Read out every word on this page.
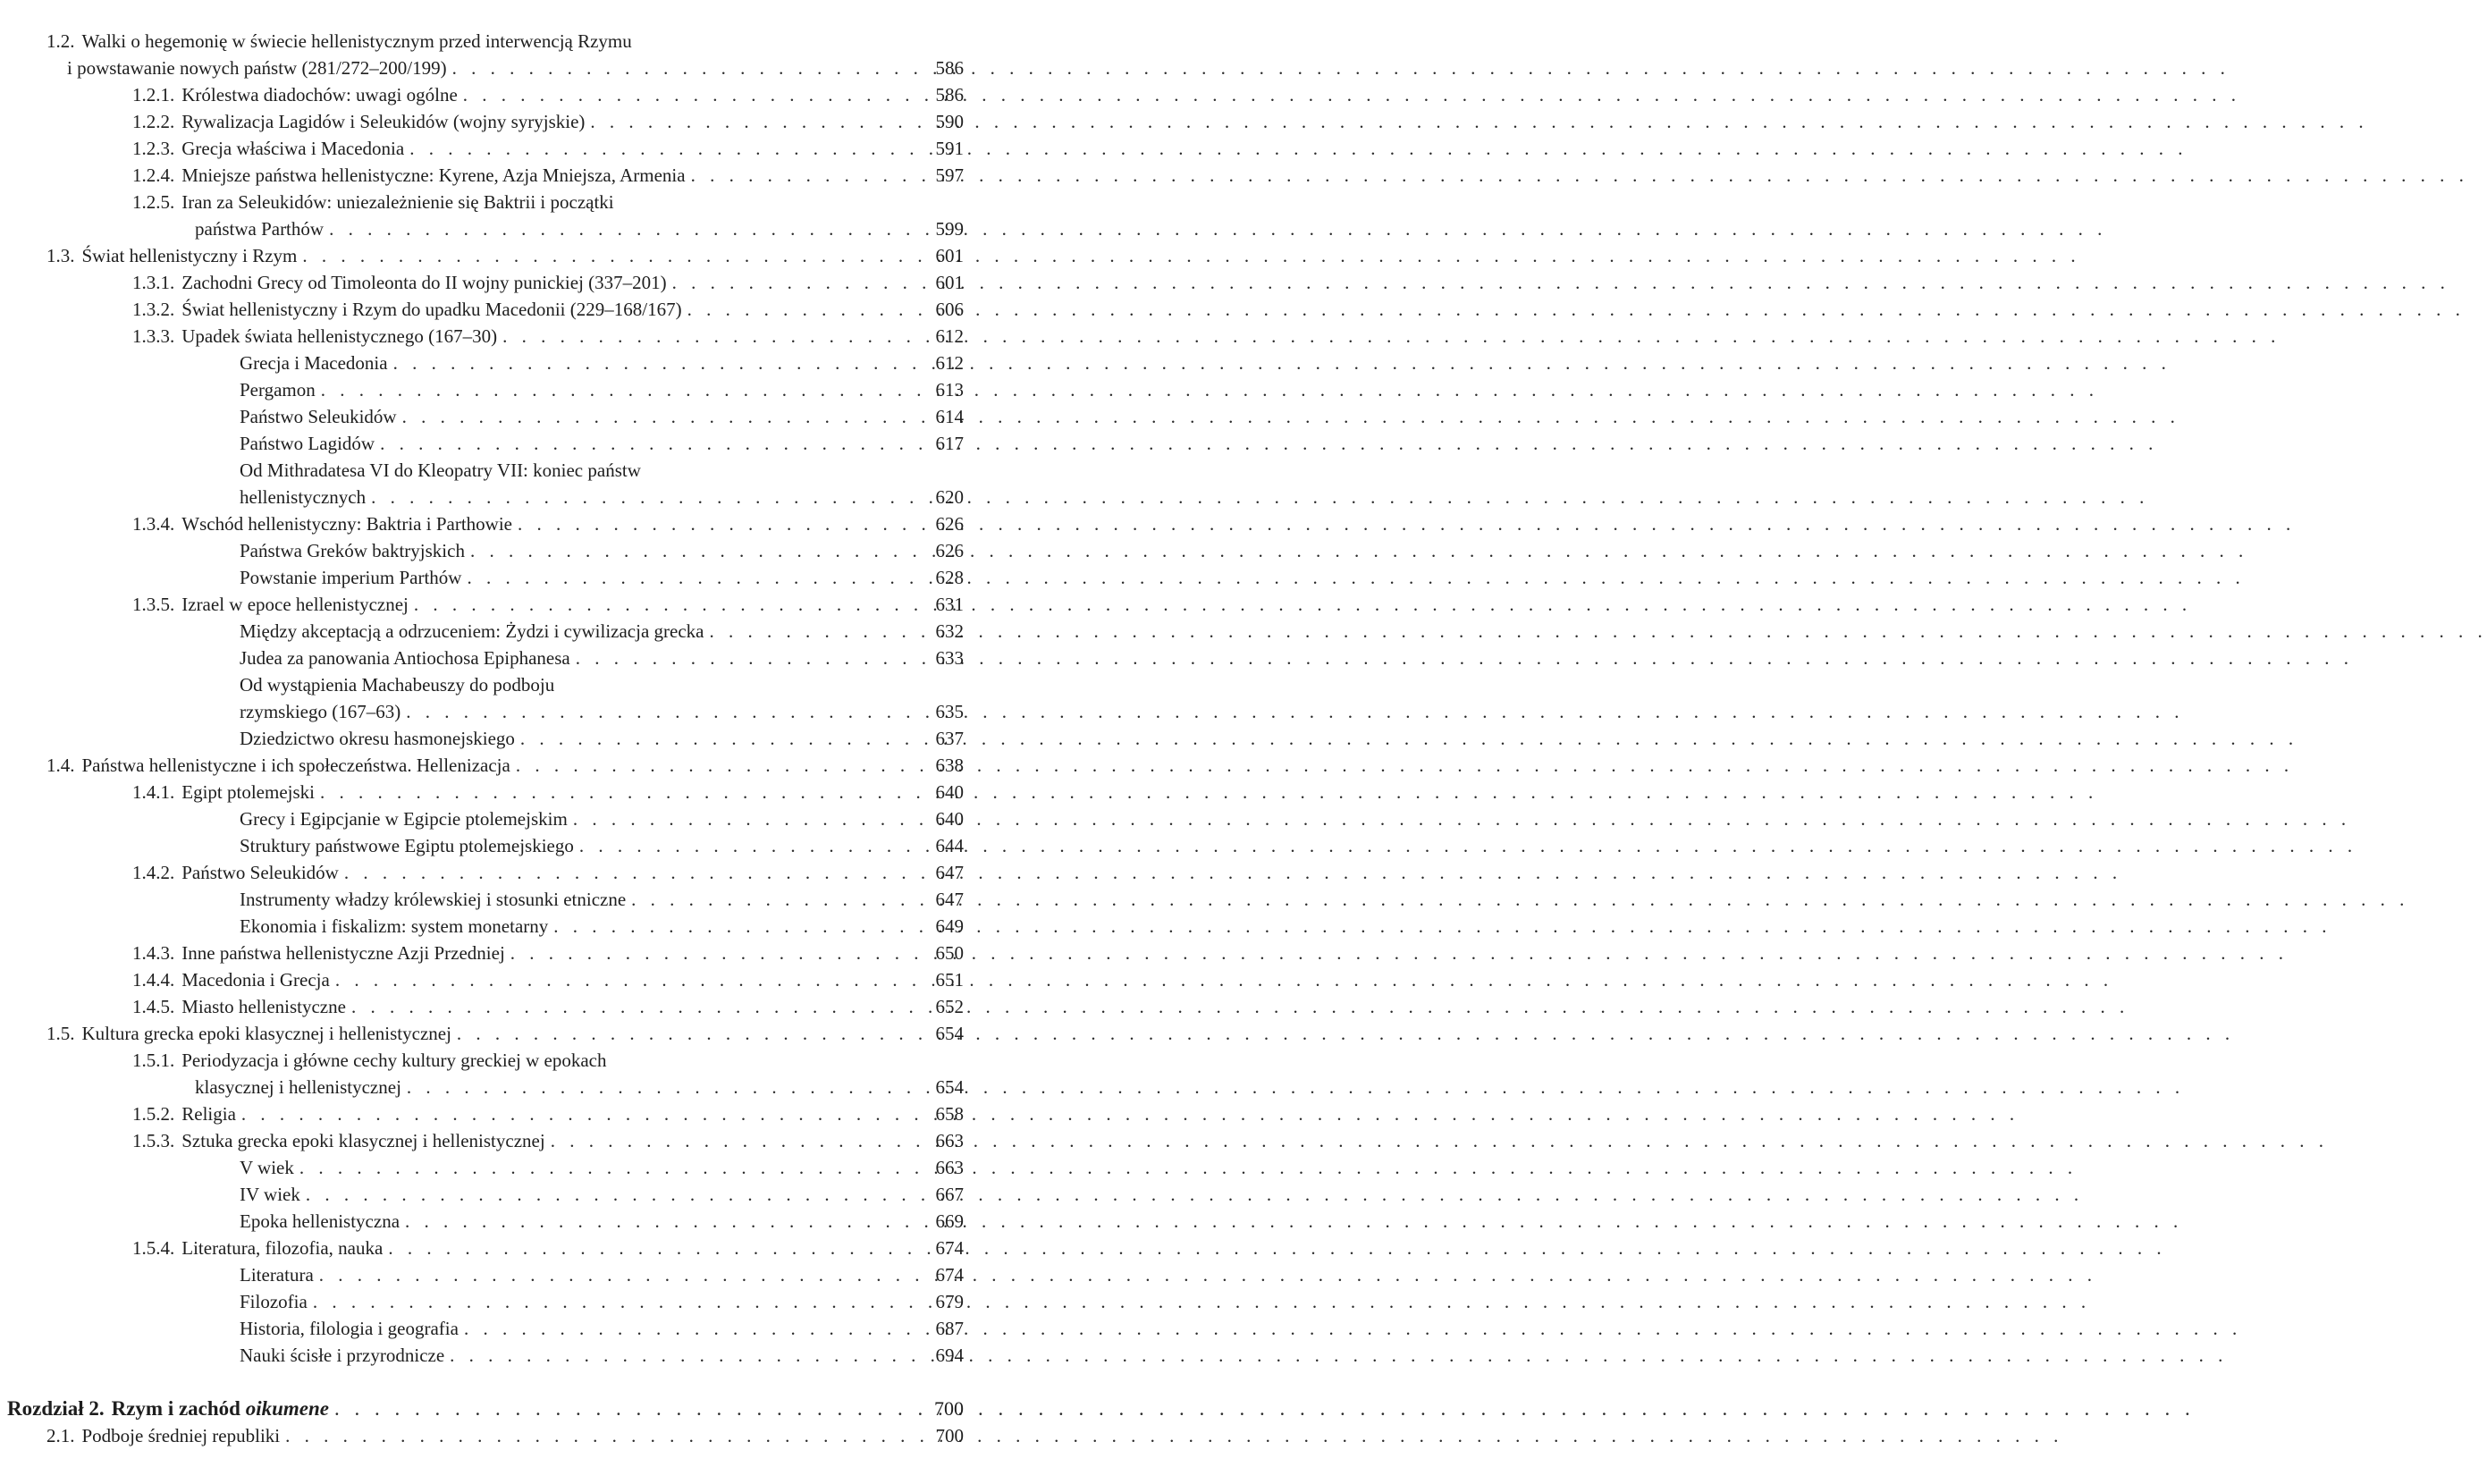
1.2. Walki o hegemonię w świecie hellenistycznym przed interwencją Rzymu
i powstawanie nowych państw (281/272–200/199) . . .	586
1.2.1. Królestwa diadochów: uwagi ogólne . . .	586
1.2.2. Rywalizacja Lagidów i Seleukidów (wojny syryjskie) . . .	590
1.2.3. Grecja właściwa i Macedonia . . .	591
1.2.4. Mniejsze państwa hellenistyczne: Kyrene, Azja Mniejsza, Armenia . . .	597
1.2.5. Iran za Seleukidów: uniezależnienie się Baktrii i początki
państwa Parthów . . .	599
1.3. Świat hellenistyczny i Rzym . . .	601
1.3.1. Zachodni Grecy od Timoleonta do II wojny punickiej (337–201) . . .	601
1.3.2. Świat hellenistyczny i Rzym do upadku Macedonii (229–168/167) . . .	606
1.3.3. Upadek świata hellenistycznego (167–30) . . .	612
Grecja i Macedonia . . .	612
Pergamon . . .	613
Państwo Seleukidów . . .	614
Państwo Lagidów . . .	617
Od Mithradatesa VI do Kleopatry VII: koniec państw
hellenistycznych . . .	620
1.3.4. Wschód hellenistyczny: Baktria i Parthowie . . .	626
Państwa Greków baktryjskich . . .	626
Powstanie imperium Parthów . . .	628
1.3.5. Izrael w epoce hellenistycznej . . .	631
Między akceptacją a odrzuceniem: Żydzi i cywilizacja grecka . . .	632
Judea za panowania Antiochosa Epiphanesa . . .	633
Od wystąpienia Machabeuszy do podboju
rzymskiego (167–63) . . .	635
Dziedzictwo okresu hasmonejskiego . . .	637
1.4. Państwa hellenistyczne i ich społeczeństwa. Hellenizacja . . .	638
1.4.1. Egipt ptolemejski . . .	640
Grecy i Egipcjanie w Egipcie ptolemejskim . . .	640
Struktury państwowe Egiptu ptolemejskiego . . .	644
1.4.2. Państwo Seleukidów . . .	647
Instrumenty władzy królewskiej i stosunki etniczne . . .	647
Ekonomia i fiskalizm: system monetarny . . .	649
1.4.3. Inne państwa hellenistyczne Azji Przedniej . . .	650
1.4.4. Macedonia i Grecja . . .	651
1.4.5. Miasto hellenistyczne . . .	652
1.5. Kultura grecka epoki klasycznej i hellenistycznej . . .	654
1.5.1. Periodyzacja i główne cechy kultury greckiej w epokach
klasycznej i hellenistycznej . . .	654
1.5.2. Religia . . .	658
1.5.3. Sztuka grecka epoki klasycznej i hellenistycznej . . .	663
V wiek . . .	663
IV wiek . . .	667
Epoka hellenistyczna . . .	669
1.5.4. Literatura, filozofia, nauka . . .	674
Literatura . . .	674
Filozofia . . .	679
Historia, filologia i geografia . . .	687
Nauki ścisłe i przyrodnicze . . .	694
Rozdział 2. Rzym i zachód oikumene . . .	700
2.1. Podboje średniej republiki . . .	700
